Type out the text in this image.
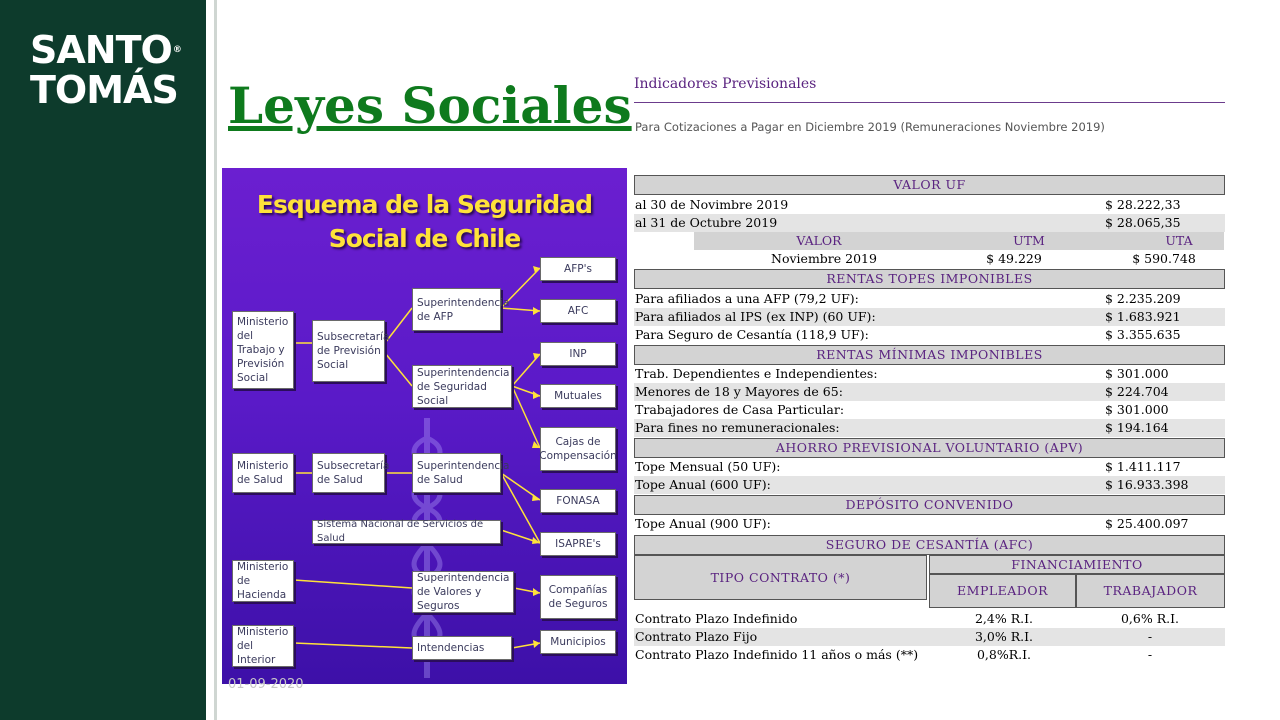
SANTO®
TOMÁS Leyes Sociales
Esquema de la Seguridad
Social de Chile
Ministerio del Trabajo y Previsión Social
Subsecretaría de Previsión Social
Superintendencia de AFP
Superintendencia de Seguridad Social
AFP's
AFC
INP
Mutuales
Cajas de Compensación
Ministerio de Salud
Subsecretaría de Salud
Superintendencia de Salud
FONASA
Sistema Nacional de Servicios de Salud	ISAPRE's
Ministerio de Hacienda
Superintendencia de Valores y Seguros
Compañías de Seguros
Ministerio del Interior
Intendencias	Municipios
01-09-2020
Indicadores Previsionales
Para Cotizaciones a Pagar en Diciembre 2019 (Remuneraciones Noviembre 2019)
VALOR UF
al 30 de Novimbre 2019	$ 28.222,33
al 31 de Octubre 2019	$ 28.065,35
VALOR	UTM	UTA
Noviembre 2019	$ 49.229	$ 590.748
RENTAS TOPES IMPONIBLES
Para afiliados a una AFP (79,2 UF):	$ 2.235.209
Para afiliados al IPS (ex INP) (60 UF):	$ 1.683.921
Para Seguro de Cesantía (118,9 UF):	$ 3.355.635
RENTAS MÍNIMAS IMPONIBLES
Trab. Dependientes e Independientes:	$ 301.000
Menores de 18 y Mayores de 65:	$ 224.704
Trabajadores de Casa Particular:	$ 301.000
Para fines no remuneracionales:	$ 194.164
AHORRO PREVISIONAL VOLUNTARIO (APV)
Tope Mensual (50 UF):	$ 1.411.117
Tope Anual (600 UF):	$ 16.933.398
DEPÓSITO CONVENIDO
Tope Anual (900 UF):	$ 25.400.097
SEGURO DE CESANTÍA (AFC)
TIPO CONTRATO (*)
FINANCIAMIENTO
EMPLEADOR	TRABAJADOR
Contrato Plazo Indefinido	2,4% R.I.	0,6% R.I.
Contrato Plazo Fijo	3,0% R.I.	-
Contrato Plazo Indefinido 11 años o más (**)	0,8%R.I.	-
